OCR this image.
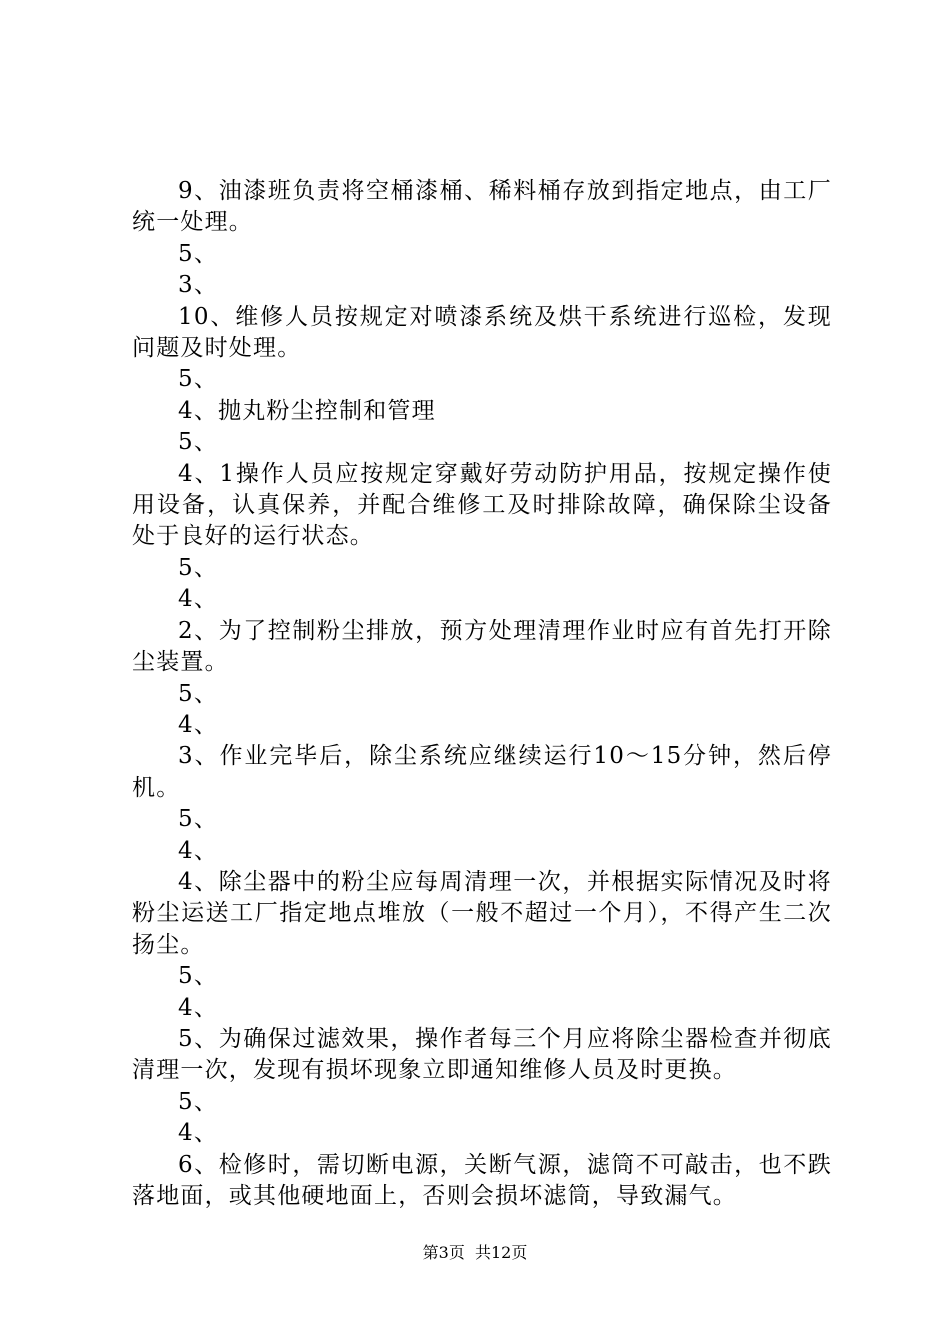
9、油漆班负责将空桶漆桶、稀料桶存放到指定地点，由工厂统一处理。

5、

3、

10、维修人员按规定对喷漆系统及烘干系统进行巡检，发现问题及时处理。

5、

4、抛丸粉尘控制和管理

5、

4、1操作人员应按规定穿戴好劳动防护用品，按规定操作使用设备，认真保养，并配合维修工及时排除故障，确保除尘设备处于良好的运行状态。

5、

4、

2、为了控制粉尘排放，预方处理清理作业时应有首先打开除尘装置。

5、

4、

3、作业完毕后，除尘系统应继续运行10～15分钟，然后停机。

5、

4、

4、除尘器中的粉尘应每周清理一次，并根据实际情况及时将粉尘运送工厂指定地点堆放（一般不超过一个月），不得产生二次扬尘。

5、

4、

5、为确保过滤效果，操作者每三个月应将除尘器检查并彻底清理一次，发现有损坏现象立即通知维修人员及时更换。

5、

4、

6、检修时，需切断电源，关断气源，滤筒不可敲击，也不跌落地面，或其他硬地面上，否则会损坏滤筒，导致漏气。

第3页  共12页
